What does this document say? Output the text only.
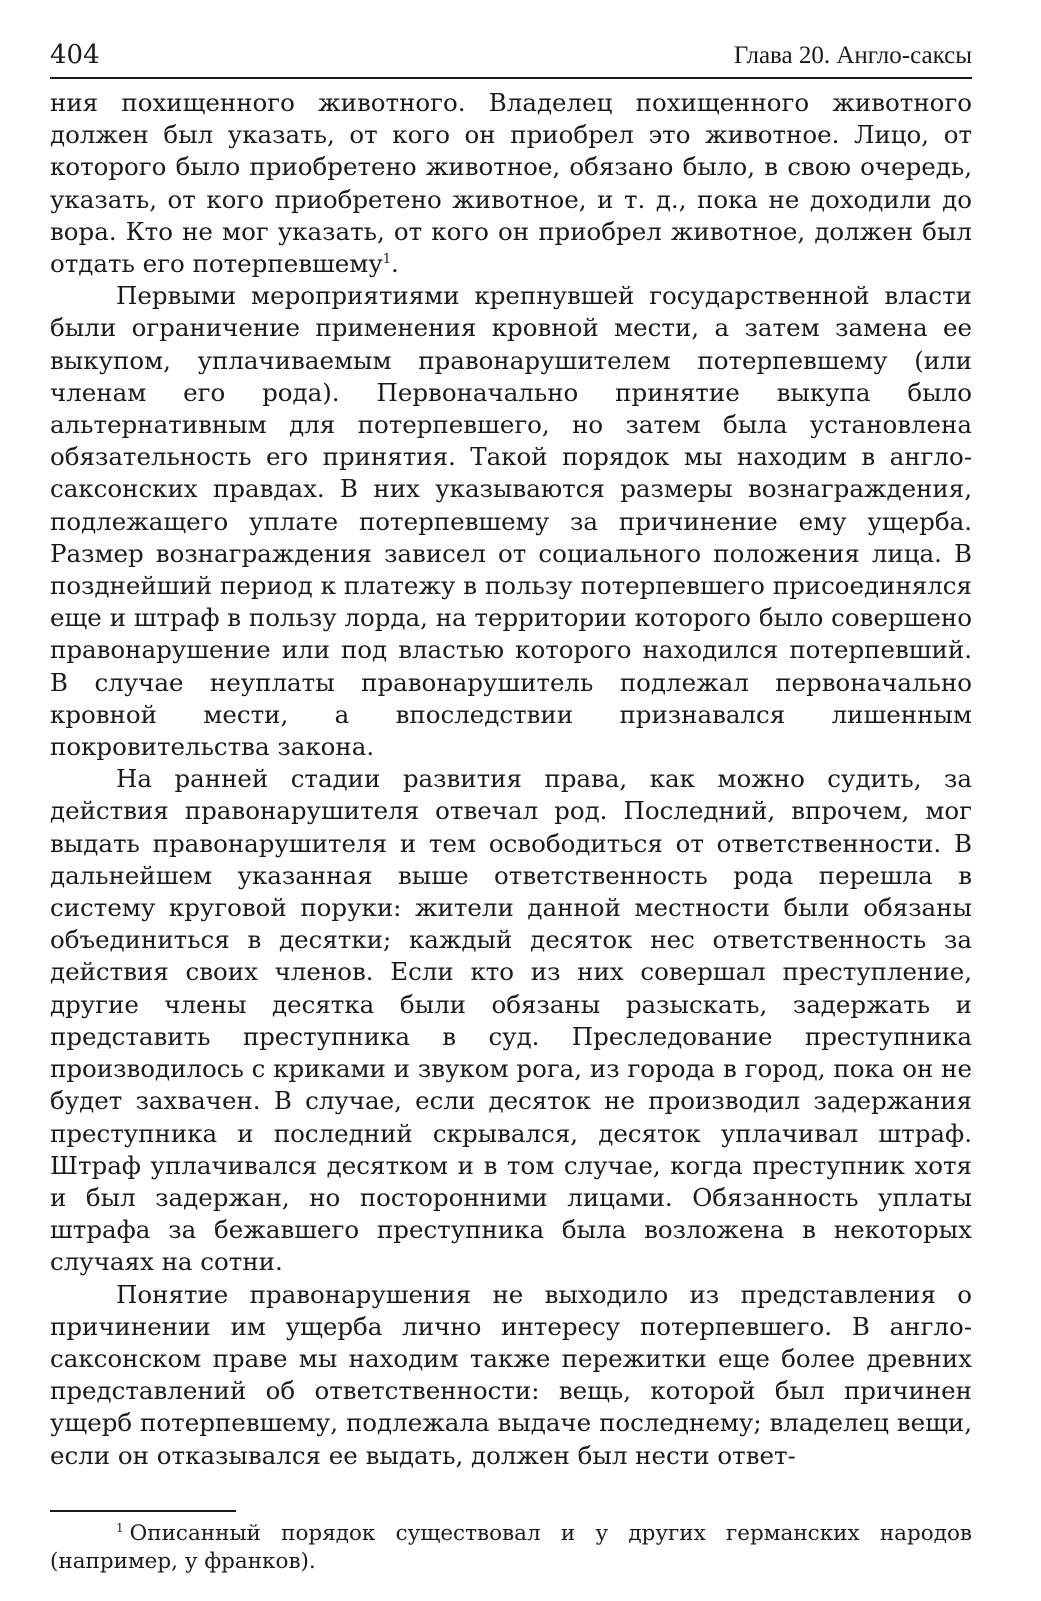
404	Глава 20. Англо-саксы

ния похищенного животного. Владелец похищенного животного должен был указать, от кого он приобрел это животное. Лицо, от которого было приобретено животное, обязано было, в свою очередь, указать, от кого приобретено животное, и т. д., пока не доходили до вора. Кто не мог указать, от кого он приобрел животное, должен был отдать его потерпевшему$^1$.

Первыми мероприятиями крепнувшей государственной власти были ограничение применения кровной мести, а затем замена ее выкупом, уплачиваемым правонарушителем потерпевшему (или членам его рода). Первоначально принятие выкупа было альтернативным для потерпевшего, но затем была установлена обязательность его принятия. Такой порядок мы находим в англо-саксонских правдах. В них указываются размеры вознаграждения, подлежащего уплате потерпевшему за причинение ему ущерба. Размер вознаграждения зависел от социального положения лица. В позднейший период к платежу в пользу потерпевшего присоединялся еще и штраф в пользу лорда, на территории которого было совершено правонарушение или под властью которого находился потерпевший. В случае неуплаты правонарушитель подлежал первоначально кровной мести, а впоследствии признавался лишенным покровительства закона.

На ранней стадии развития права, как можно судить, за действия правонарушителя отвечал род. Последний, впрочем, мог выдать правонарушителя и тем освободиться от ответственности. В дальнейшем указанная выше ответственность рода перешла в систему круговой поруки: жители данной местности были обязаны объединиться в десятки; каждый десяток нес ответственность за действия своих членов. Если кто из них совершал преступление, другие члены десятка были обязаны разыскать, задержать и представить преступника в суд. Преследование преступника производилось с криками и звуком рога, из города в город, пока он не будет захвачен. В случае, если десяток не производил задержания преступника и последний скрывался, десяток уплачивал штраф. Штраф уплачивался десятком и в том случае, когда преступник хотя и был задержан, но посторонними лицами. Обязанность уплаты штрафа за бежавшего преступника была возложена в некоторых случаях на сотни.

Понятие правонарушения не выходило из представления о причинении им ущерба лично интересу потерпевшего. В англо-саксонском праве мы находим также пережитки еще более древних представлений об ответственности: вещь, которой был причинен ущерб потерпевшему, подлежала выдаче последнему; владелец вещи, если он отказывался ее выдать, должен был нести ответ-

$^1$ Описанный порядок существовал и у других германских народов (например, у франков).
